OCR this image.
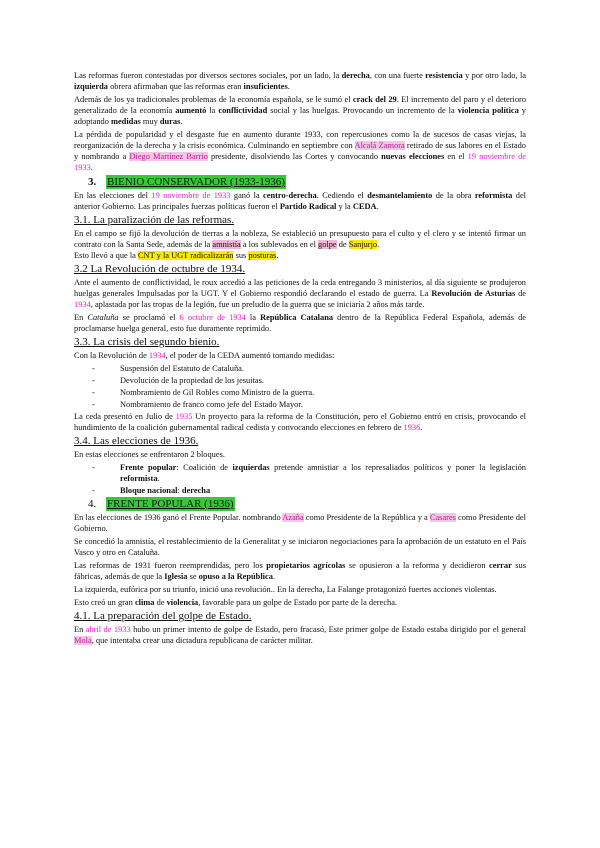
Las reformas fueron contestadas por diversos sectores sociales, por un lado, la derecha, con una fuerte resistencia y por otro lado, la izquierda obrera afirmaban que las reformas eran insuficientes.

Además de los ya tradicionales problemas de la economía española, se le sumó el crack del 29. El incremento del paro y el deterioro generalizado de la economía aumentó la conflictividad social y las huelgas. Provocando un incremento de la violencia política y adoptando medidas muy duras.

La pérdida de popularidad y el desgaste fue en aumento durante 1933, con repercusiones como la de sucesos de casas viejas, la reorganización de la derecha y la crisis económica. Culminando en septiembre con Alcalá Zamora retirado de sus labores en el Estado y nombrando a Diego Martínez Barrio presidente, disolviendo las Cortes y convocando nuevas elecciones en el 19 noviembre de 1933.

3. BIENIO CONSERVADOR (1933-1936)

En las elecciones del 19 noviembre de 1933 ganó la centro-derecha. Cediendo el desmantelamiento de la obra reformista del anterior Gobierno. Las principales fuerzas políticas fueron el Partido Radical y la CEDA.

3.1. La paralización de las reformas.

En el campo se fijó la devolución de tierras a la nobleza, Se estableció un presupuesto para el culto y el clero y se intentó firmar un contrato con la Santa Sede, además de la amnistía a los sublevados en el golpe de Sanjurjo.
Esto llevó a que la CNT y la UGT radicalizarán sus posturas.

3.2 La Revolución de octubre de 1934.

Ante el aumento de conflictividad, le roux accedió a las peticiones de la ceda entregando 3 ministerios, al día siguiente se produjeron huelgas generales Impulsadas por la UGT. Y el Gobierno respondió declarando el estado de guerra. La Revolución de Asturias de 1934, aplastada por las tropas de la legión, fue un preludio de la guerra que se iniciaría 2 años más tarde.

En Cataluña se proclamó el 6 octubre de 1934 la República Catalana dentro de la República Federal Española, además de proclamarse huelga general, esto fue duramente reprimido.

3.3. La crisis del segundo bienio.

Con la Revolución de 1934, el poder de la CEDA aumentó tomando medidas:

- Suspensión del Estatuto de Cataluña.
- Devolución de la propiedad de los jesuitas.
- Nombramiento de Gil Robles como Ministro de la guerra.
- Nombramiento de franco como jefe del Estado Mayor.

La ceda presentó en Julio de 1935 Un proyecto para la reforma de la Constitución, pero el Gobierno entró en crisis, provocando el hundimiento de la coalición gubernamental radical cedista y convocando elecciones en febrero de 1936.

3.4. Las elecciones de 1936.

En estas elecciones se enfrentaron 2 bloques.

- Frente popular: Coalición de izquierdas pretende amnistiar a los represaliados políticos y poner la legislación reformista.
- Bloque nacional: derecha
4. FRENTE POPULAR (1936)

En las elecciones de 1936 ganó el Frente Popular. nombrando Azaña como Presidente de la República y a Casares como Presidente del Gobierno.

Se concedió la amnistía, el restablecimiento de la Generalitat y se iniciaron negociaciones para la aprobación de un estatuto en el País Vasco y otro en Cataluña.

Las reformas de 1931 fueron reemprendidas, pero los propietarios agrícolas se opusieron a la reforma y decidieron cerrar sus fábricas, además de que la Iglesia se opuso a la República.

La izquierda, eufórica por su triunfo, inició una revolución.. En la derecha, La Falange protagonizó fuertes acciones violentas.

Esto creó un gran clima de violencia, favorable para un golpe de Estado por parte de la derecha.

4.1. La preparación del golpe de Estado.

En abril de 1933 hubo un primer intento de golpe de Estado, pero fracasó, Este primer golpe de Estado estaba dirigido por el general Mola, que intentaba crear una dictadura republicana de carácter militar.
